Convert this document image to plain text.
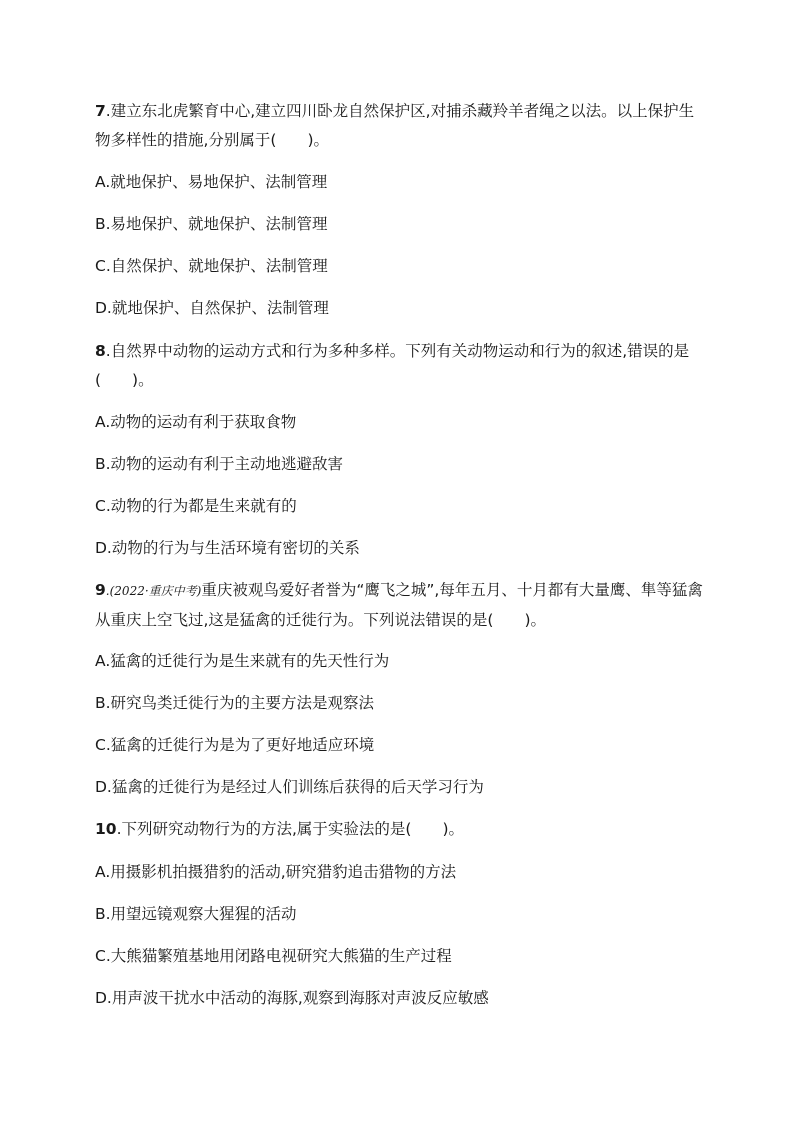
7.建立东北虎繁育中心,建立四川卧龙自然保护区,对捕杀藏羚羊者绳之以法。以上保护生物多样性的措施,分别属于(　　)。
A.就地保护、易地保护、法制管理
B.易地保护、就地保护、法制管理
C.自然保护、就地保护、法制管理
D.就地保护、自然保护、法制管理
8.自然界中动物的运动方式和行为多种多样。下列有关动物运动和行为的叙述,错误的是(　　)。
A.动物的运动有利于获取食物
B.动物的运动有利于主动地逃避敌害
C.动物的行为都是生来就有的
D.动物的行为与生活环境有密切的关系
9.(2022·重庆中考)重庆被观鸟爱好者誉为“鹰飞之城”,每年五月、十月都有大量鹰、隼等猛禽从重庆上空飞过,这是猛禽的迁徙行为。下列说法错误的是(　　)。
A.猛禽的迁徙行为是生来就有的先天性行为
B.研究鸟类迁徙行为的主要方法是观察法
C.猛禽的迁徙行为是为了更好地适应环境
D.猛禽的迁徙行为是经过人们训练后获得的后天学习行为
10.下列研究动物行为的方法,属于实验法的是(　　)。
A.用摄影机拍摄猎豹的活动,研究猎豹追击猎物的方法
B.用望远镜观察大猩猩的活动
C.大熊猫繁殖基地用闭路电视研究大熊猫的生产过程
D.用声波干扰水中活动的海豚,观察到海豚对声波反应敏感
